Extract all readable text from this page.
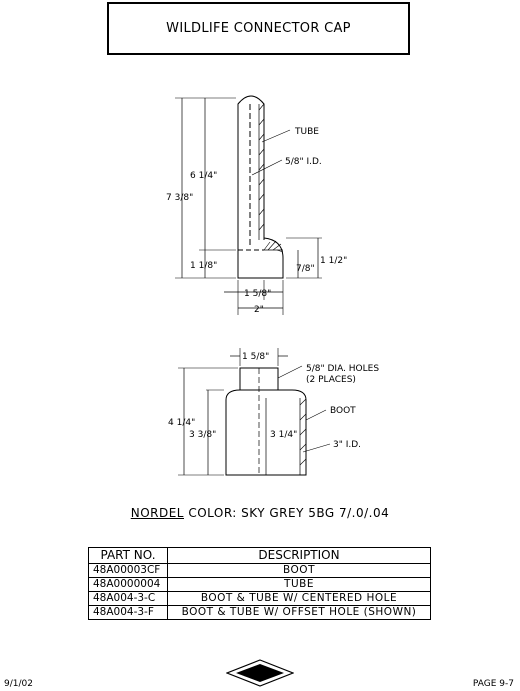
WILDLIFE CONNECTOR CAP
7 3/8"
6 1/4"
1 1/8"	1 1/2"
7/8"
1 5/8"
2"
TUBE
5/8" I.D.
1 5/8"
4 1/4"
3 3/8"	3 1/4"
5/8" DIA. HOLES
(2 PLACES)
BOOT
3" I.D.
NORDEL COLOR: SKY GREY 5BG 7/.0/.04
PART NO.	DESCRIPTION
48A00003CF	BOOT
48A0000004	TUBE
48A004-3-C	BOOT & TUBE W/ CENTERED HOLE
48A004-3-F	BOOT & TUBE W/ OFFSET HOLE (SHOWN)
WARCO
9/1/02	PAGE 9-7
